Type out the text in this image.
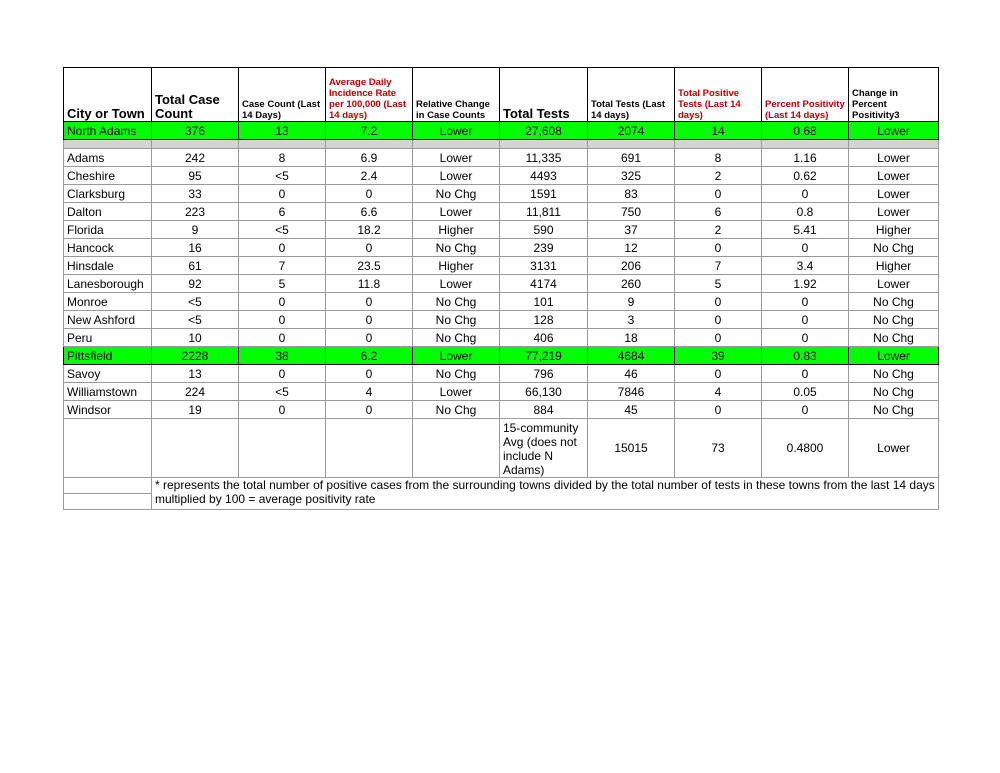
City or Town	Total Case Count	Case Count (Last 14 Days)	Average Daily Incidence Rate per 100,000 (Last 14 days)	Relative Change in Case Counts	Total Tests	Total Tests (Last 14 days)	Total Positive Tests (Last 14 days)	Percent Positivity (Last 14 days)	Change in Percent Positivity3

North Adams	376	13	7.2	Lower	27,608	2074	14	0.68	Lower

Adams	242	8	6.9	Lower	11,335	691	8	1.16	Lower
Cheshire	95	<5	2.4	Lower	4493	325	2	0.62	Lower
Clarksburg	33	0	0	No Chg	1591	83	0	0	Lower
Dalton	223	6	6.6	Lower	11,811	750	6	0.8	Lower
Florida	9	<5	18.2	Higher	590	37	2	5.41	Higher
Hancock	16	0	0	No Chg	239	12	0	0	No Chg
Hinsdale	61	7	23.5	Higher	3131	206	7	3.4	Higher
Lanesborough	92	5	11.8	Lower	4174	260	5	1.92	Lower
Monroe	<5	0	0	No Chg	101	9	0	0	No Chg
New Ashford	<5	0	0	No Chg	128	3	0	0	No Chg
Peru	10	0	0	No Chg	406	18	0	0	No Chg
Pittsfield	2228	38	6.2	Lower	77,219	4684	39	0.83	Lower
Savoy	13	0	0	No Chg	796	46	0	0	No Chg
Williamstown	224	<5	4	Lower	66,130	7846	4	0.05	No Chg
Windsor	19	0	0	No Chg	884	45	0	0	No Chg
					15-community Avg (does not include N Adams)	15015	73	0.4800	Lower
	* represents the total number of positive cases from the surrounding towns divided by the total number of tests in these towns from the last 14 days multiplied by 100 = average positivity rate								
